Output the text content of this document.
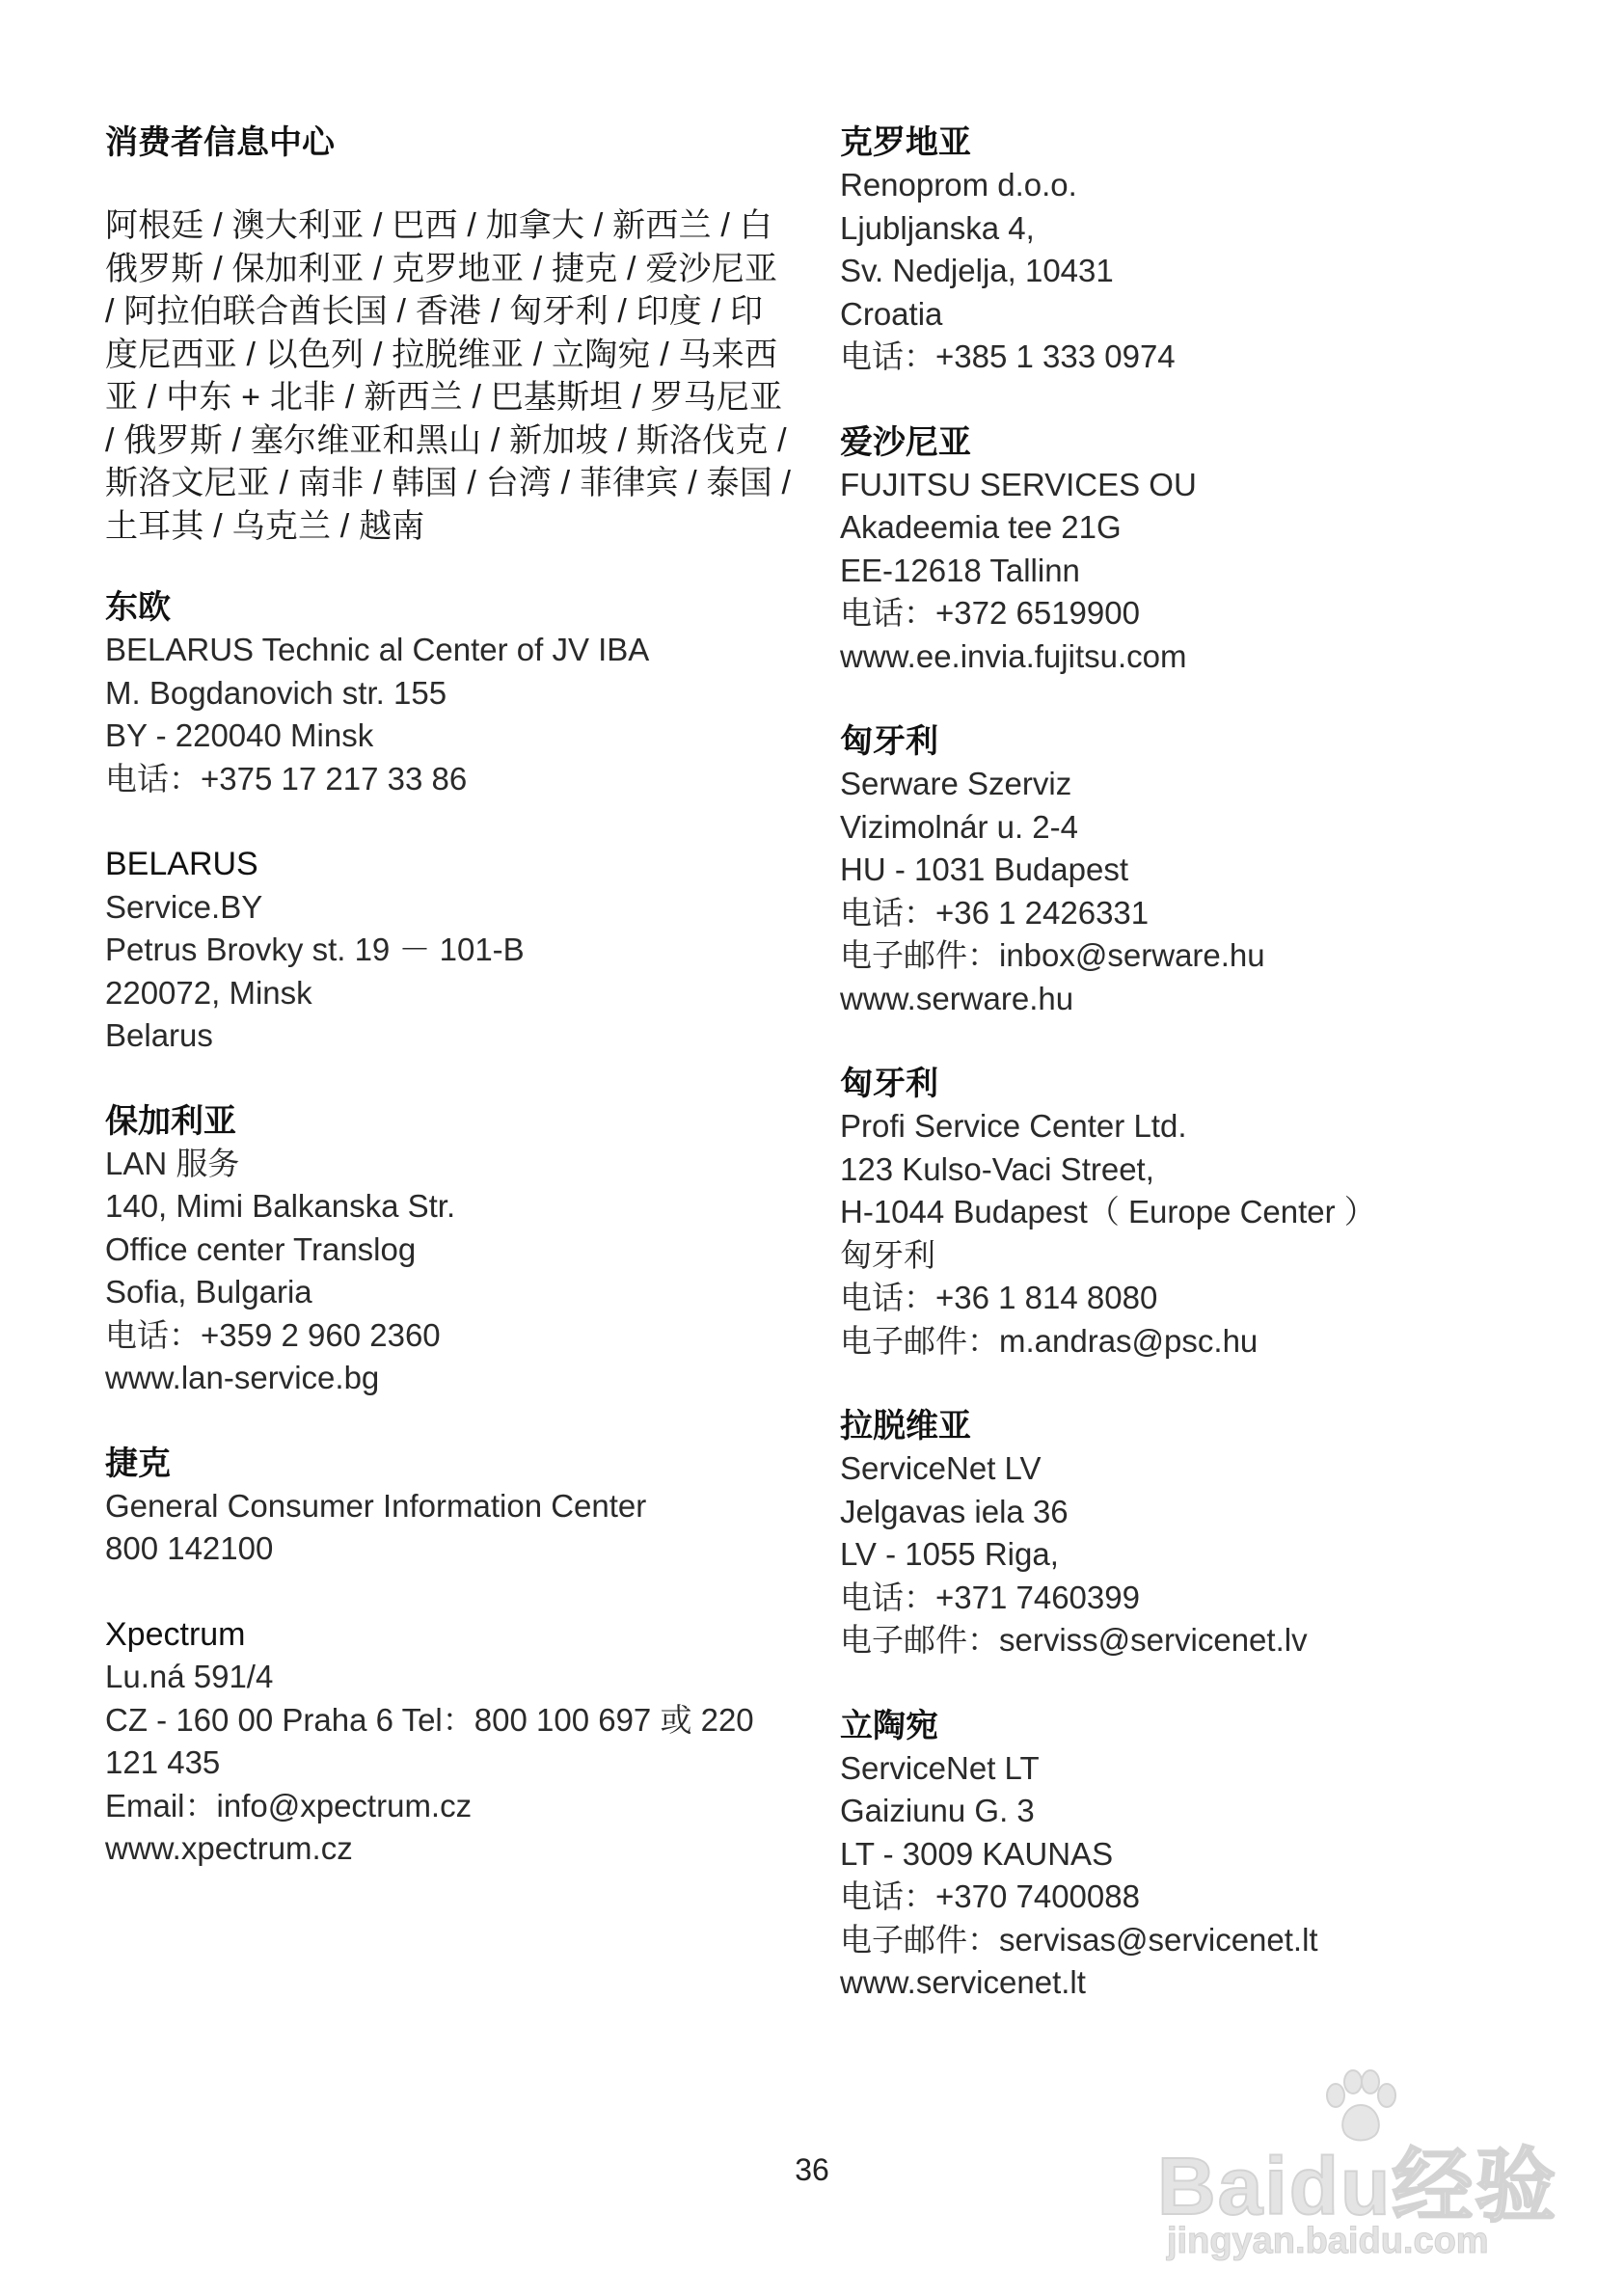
消费者信息中心

阿根廷 / 澳大利亚 / 巴西 / 加拿大 / 新西兰 / 白俄罗斯 / 保加利亚 / 克罗地亚 / 捷克 / 爱沙尼亚 / 阿拉伯联合酋长国 / 香港 / 匈牙利 / 印度 / 印度尼西亚 / 以色列 / 拉脱维亚 / 立陶宛 / 马来西亚 / 中东 + 北非 / 新西兰 / 巴基斯坦 / 罗马尼亚 / 俄罗斯 / 塞尔维亚和黑山 / 新加坡 / 斯洛伐克 / 斯洛文尼亚 / 南非 / 韩国 / 台湾 / 菲律宾 / 泰国 / 土耳其 / 乌克兰 / 越南

东欧
BELARUS Technic al Center of JV IBA
M. Bogdanovich str. 155
BY - 220040 Minsk
电话：+375 17 217 33 86
BELARUS
Service.BY
Petrus Brovky st. 19 － 101-B
220072, Minsk
Belarus
保加利亚
LAN 服务
140, Mimi Balkanska Str.
Office center Translog
Sofia, Bulgaria
电话：+359 2 960 2360
www.lan-service.bg
捷克
General Consumer Information Center
800 142100
Xpectrum
Lu.ná 591/4
CZ - 160 00 Praha 6 Tel：800 100 697 或 220
121 435
Email：info@xpectrum.cz
www.xpectrum.cz
克罗地亚
Renoprom d.o.o.
Ljubljanska 4,
Sv. Nedjelja, 10431
Croatia
电话：+385 1 333 0974
爱沙尼亚
FUJITSU SERVICES OU
Akadeemia tee 21G
EE-12618 Tallinn
电话：+372 6519900
www.ee.invia.fujitsu.com
匈牙利
Serware Szerviz
Vizimolnár u. 2-4
HU - 1031 Budapest
电话：+36 1 2426331
电子邮件：inbox@serware.hu
www.serware.hu
匈牙利
Profi Service Center Ltd.
123 Kulso-Vaci Street,
H-1044 Budapest（ Europe Center ）
匈牙利
电话：+36 1 814 8080
电子邮件：m.andras@psc.hu
拉脱维亚
ServiceNet LV
Jelgavas iela 36
LV - 1055 Riga,
电话：+371 7460399
电子邮件：serviss@servicenet.lv
立陶宛
ServiceNet LT
Gaiziunu G. 3
LT - 3009 KAUNAS
电话：+370 7400088
电子邮件：servisas@servicenet.lt
www.servicenet.lt
36	Baidu经验
jingyan.baidu.com
